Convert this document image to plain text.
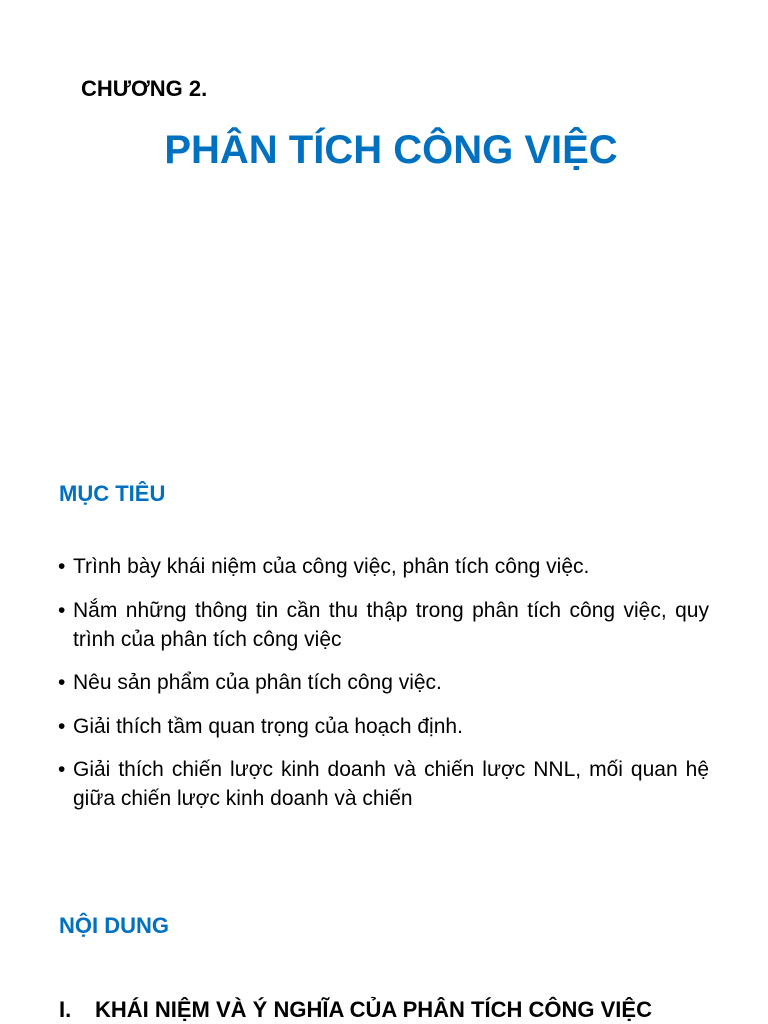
CHƯƠNG 2.

PHÂN TÍCH CÔNG VIỆC
MỤC TIÊU
• Trình bày khái niệm của công việc, phân tích công việc.
• Nắm những thông tin cần thu thập trong phân tích công việc, quy trình của phân tích công việc
• Nêu sản phẩm của phân tích công việc.
• Giải thích tầm quan trọng của hoạch định.
• Giải thích chiến lược kinh doanh và chiến lược NNL, mối quan hệ giữa chiến lược kinh doanh và chiến
NỘI DUNG

I. KHÁI NIỆM VÀ Ý NGHĨA CỦA PHÂN TÍCH CÔNG VIỆC
